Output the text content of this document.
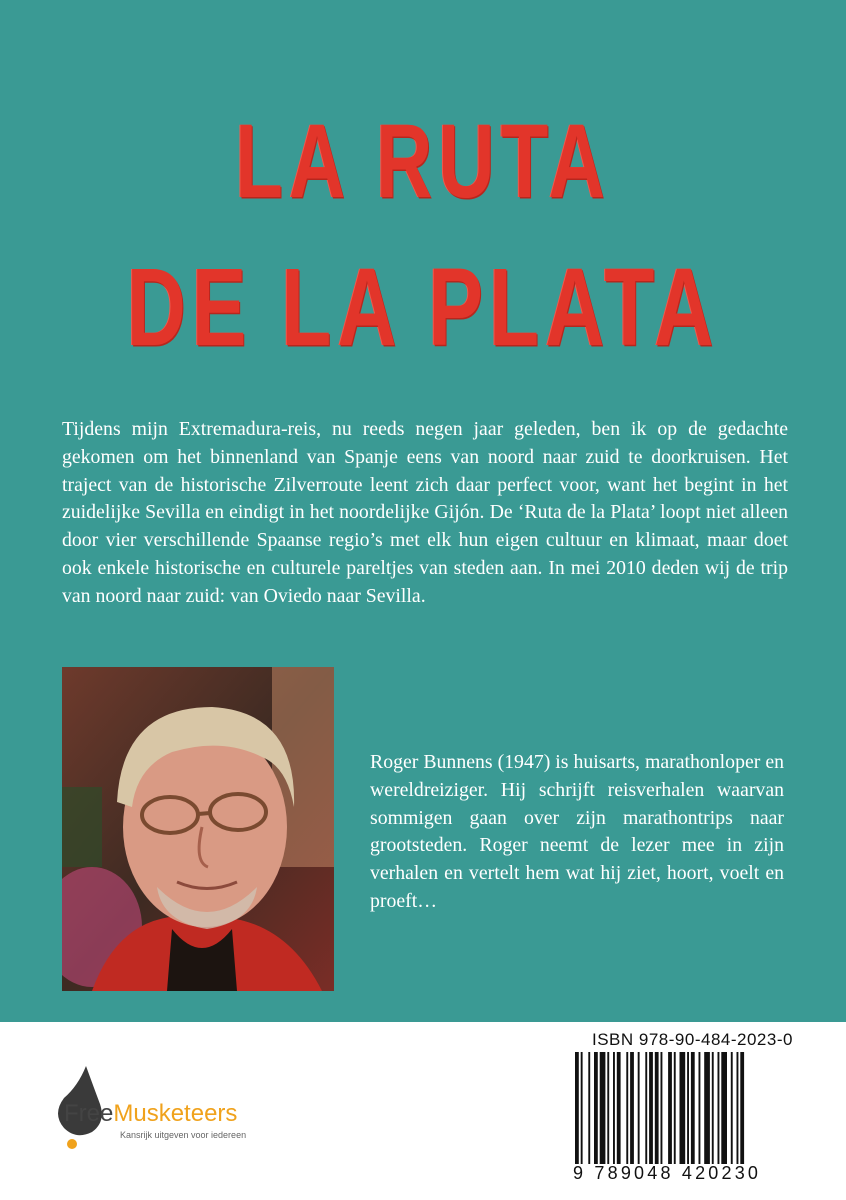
LA RUTA
DE LA PLATA

Tijdens mijn Extremadura-reis, nu reeds negen jaar geleden, ben ik op de gedachte gekomen om het binnenland van Spanje eens van noord naar zuid te doorkruisen. Het traject van de historische Zilverroute leent zich daar perfect voor, want het begint in het zuidelijke Sevilla en eindigt in het noordelijke Gijón. De ‘Ruta de la Plata’ loopt niet alleen door vier verschillende Spaanse regio’s met elk hun eigen cultuur en klimaat, maar doet ook enkele historische en culturele pareltjes van steden aan. In mei 2010 deden wij de trip van noord naar zuid: van Oviedo naar Sevilla.

Roger Bunnens (1947) is huisarts, marathonloper en wereldreiziger. Hij schrijft reisverhalen waarvan sommigen gaan over zijn marathontrips naar grootsteden. Roger neemt de lezer mee in zijn verhalen en vertelt hem wat hij ziet, hoort, voelt en proeft…

FreeMusketeers
Kansrijk uitgeven voor iedereen
ISBN 978-90-484-2023-0
9 789048 420230
